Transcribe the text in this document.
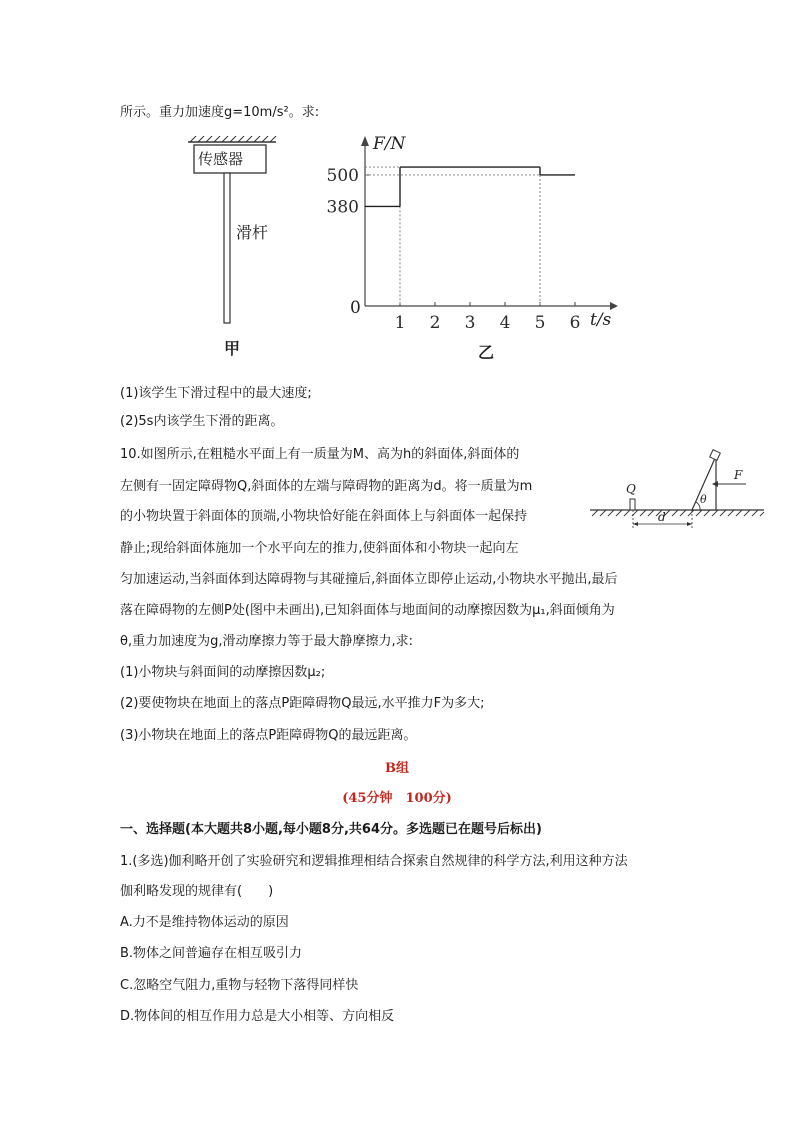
所示。重力加速度g=10m/s²。求:
传感器
滑杆
甲
1 2 3 4 5 6
500
380
F/N
t/s
0
乙
(1)该学生下滑过程中的最大速度;
(2)5s内该学生下滑的距离。
10.如图所示,在粗糙水平面上有一质量为M、高为h的斜面体,斜面体的
左侧有一固定障碍物Q,斜面体的左端与障碍物的距离为d。将一质量为m
的小物块置于斜面体的顶端,小物块恰好能在斜面体上与斜面体一起保持
静止;现给斜面体施加一个水平向左的推力,使斜面体和小物块一起向左
匀加速运动,当斜面体到达障碍物与其碰撞后,斜面体立即停止运动,小物块水平抛出,最后
落在障碍物的左侧P处(图中未画出),已知斜面体与地面间的动摩擦因数为μ₁,斜面倾角为
θ,重力加速度为g,滑动摩擦力等于最大静摩擦力,求:
(1)小物块与斜面间的动摩擦因数μ₂;
(2)要使物块在地面上的落点P距障碍物Q最远,水平推力F为多大;
(3)小物块在地面上的落点P距障碍物Q的最远距离。
Q
F
θ
d
B组
(45分钟　100分)
一、选择题(本大题共8小题,每小题8分,共64分。多选题已在题号后标出)
1.(多选)伽利略开创了实验研究和逻辑推理相结合探索自然规律的科学方法,利用这种方法
伽利略发现的规律有(　　)
A.力不是维持物体运动的原因
B.物体之间普遍存在相互吸引力
C.忽略空气阻力,重物与轻物下落得同样快
D.物体间的相互作用力总是大小相等、方向相反
